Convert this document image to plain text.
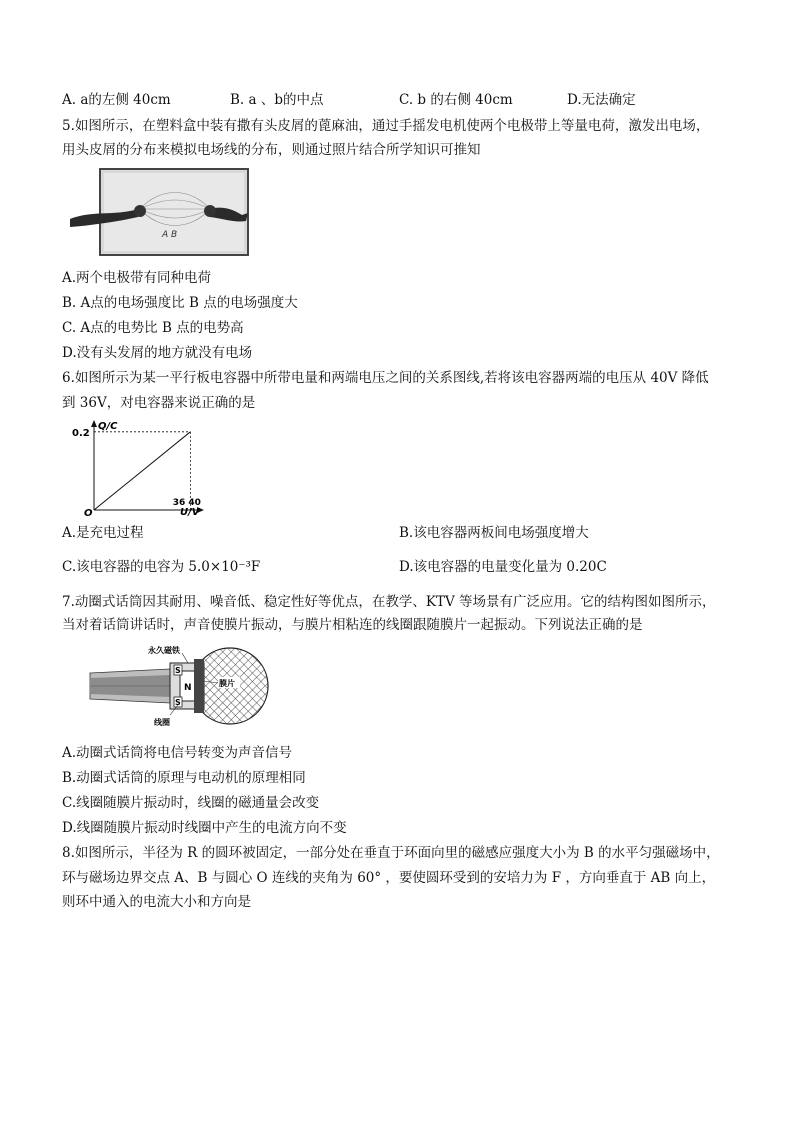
A. a的左侧 40cm	B. a 、b的中点	C. b 的右侧 40cm	D.无法确定
5.如图所示，在塑料盒中装有撒有头皮屑的蓖麻油，通过手摇发电机使两个电极带上等量电荷，激发出电场，
用头皮屑的分布来模拟电场线的分布，则通过照片结合所学知识可推知
A B
A.两个电极带有同种电荷
B. A点的电场强度比 B 点的电场强度大
C. A点的电势比 B 点的电势高
D.没有头发屑的地方就没有电场
6.如图所示为某一平行板电容器中所带电量和两端电压之间的关系图线,若将该电容器两端的电压从 40V 降低
到 36V，对电容器来说正确的是
Q/C
U/V
O
0.2
36 40
A.是充电过程	B.该电容器两板间电场强度增大
C.该电容器的电容为 5.0×10⁻³F	D.该电容器的电量变化量为 0.20C
7.动圈式话筒因其耐用、噪音低、稳定性好等优点，在教学、KTV 等场景有广泛应用。它的结构图如图所示，
当对着话筒讲话时，声音使膜片振动，与膜片相粘连的线圈跟随膜片一起振动。下列说法正确的是
S
N
S
永久磁铁
膜片
线圈
A.动圈式话筒将电信号转变为声音信号
B.动圈式话筒的原理与电动机的原理相同
C.线圈随膜片振动时，线圈的磁通量会改变
D.线圈随膜片振动时线圈中产生的电流方向不变
8.如图所示，半径为 R 的圆环被固定，一部分处在垂直于环面向里的磁感应强度大小为 B 的水平匀强磁场中，
环与磁场边界交点 A、B 与圆心 O 连线的夹角为 60° ，要使圆环受到的安培力为 F ，方向垂直于 AB 向上，
则环中通入的电流大小和方向是
